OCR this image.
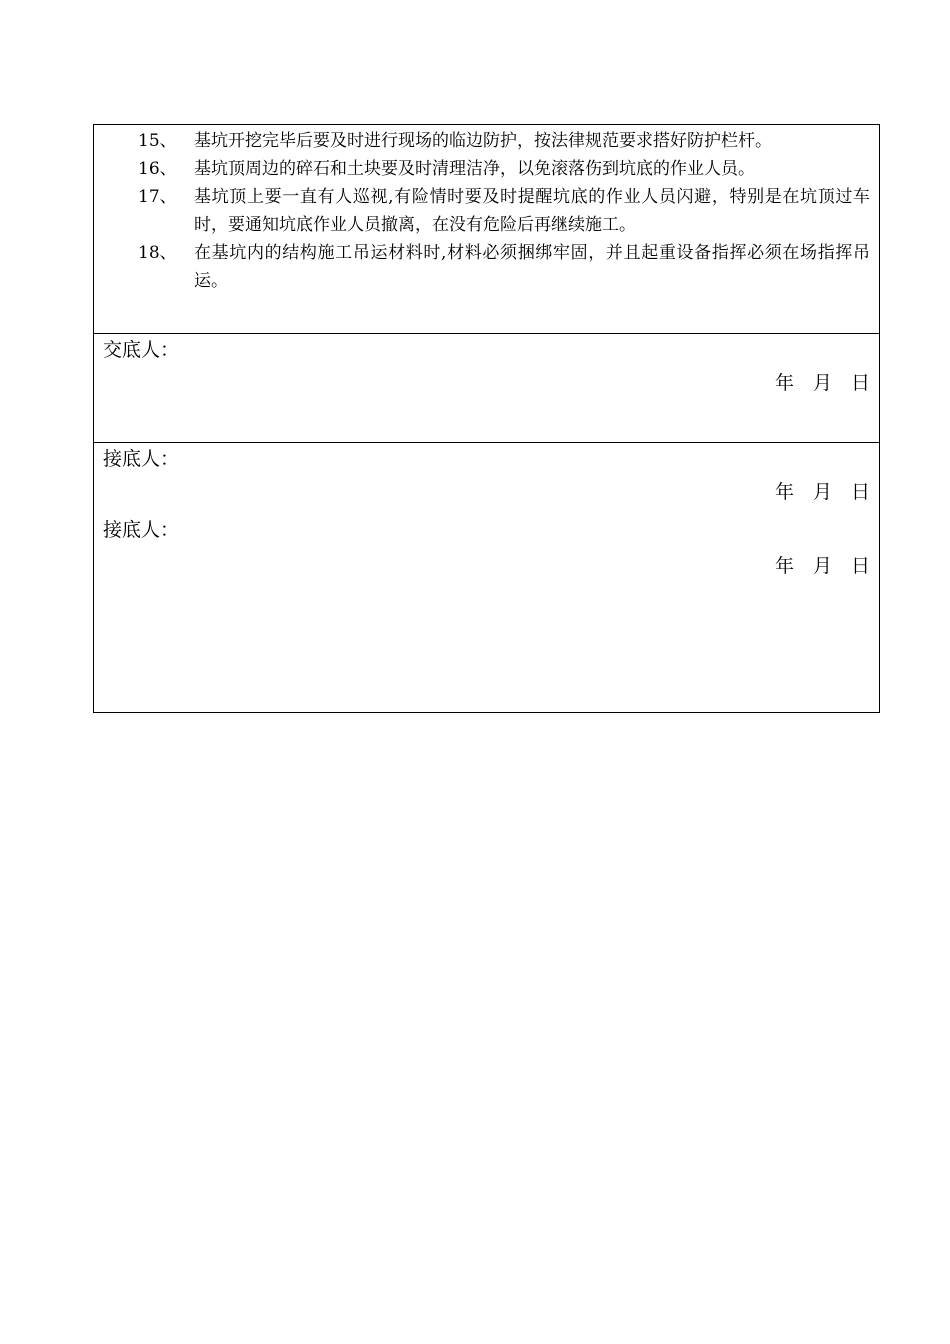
15、	基坑开挖完毕后要及时进行现场的临边防护，按法律规范要求搭好防护栏杆。
16、	基坑顶周边的碎石和土块要及时清理洁净，以免滚落伤到坑底的作业人员。
17、	基坑顶上要一直有人巡视,有险情时要及时提醒坑底的作业人员闪避，特别是在坑顶过车时，要通知坑底作业人员撤离，在没有危险后再继续施工。
18、	在基坑内的结构施工吊运材料时,材料必须捆绑牢固，并且起重设备指挥必须在场指挥吊运。
交底人：
年 月 日
接底人：
年 月 日
接底人：
年 月 日
